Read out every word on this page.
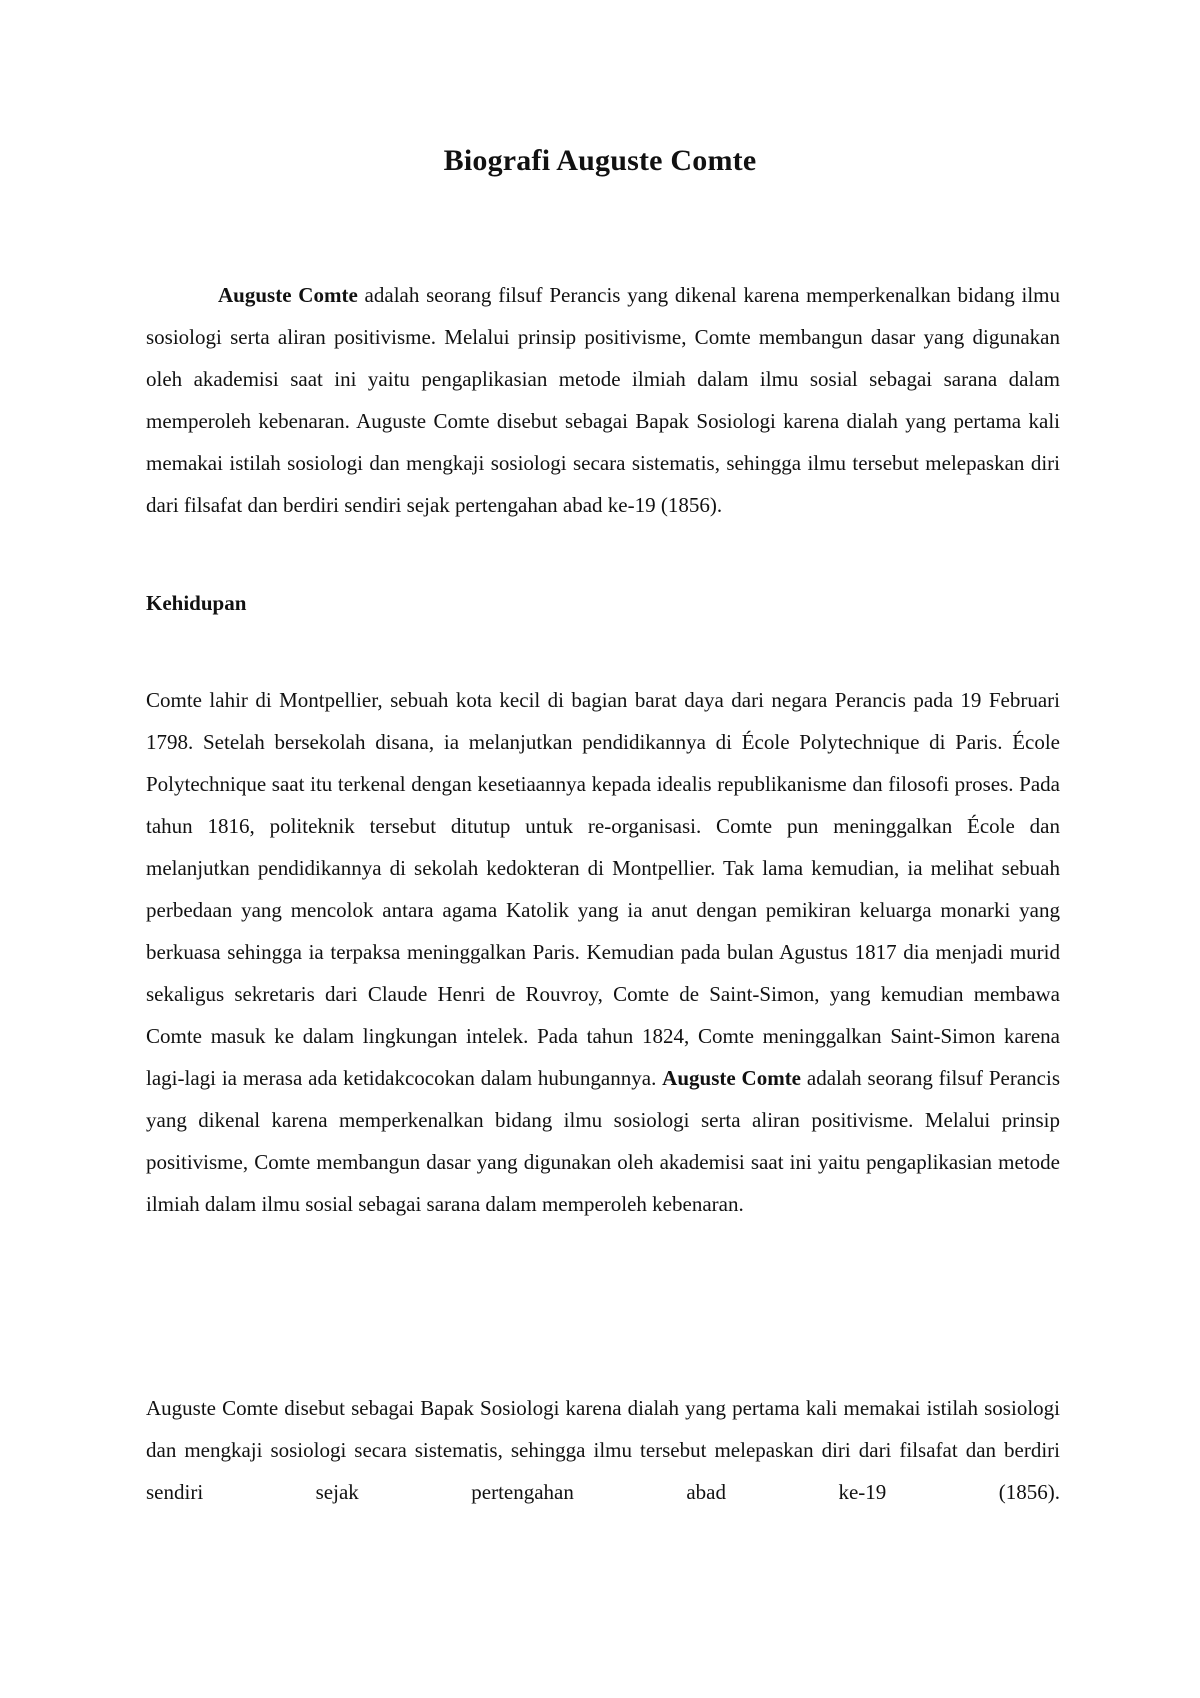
Biografi Auguste Comte

Auguste Comte adalah seorang filsuf Perancis yang dikenal karena memperkenalkan bidang ilmu sosiologi serta aliran positivisme. Melalui prinsip positivisme, Comte membangun dasar yang digunakan oleh akademisi saat ini yaitu pengaplikasian metode ilmiah dalam ilmu sosial sebagai sarana dalam memperoleh kebenaran. Auguste Comte disebut sebagai Bapak Sosiologi karena dialah yang pertama kali memakai istilah sosiologi dan mengkaji sosiologi secara sistematis, sehingga ilmu tersebut melepaskan diri dari filsafat dan berdiri sendiri sejak pertengahan abad ke-19 (1856).

Kehidupan

Comte lahir di Montpellier, sebuah kota kecil di bagian barat daya dari negara Perancis pada 19 Februari 1798. Setelah bersekolah disana, ia melanjutkan pendidikannya di École Polytechnique di Paris. École Polytechnique saat itu terkenal dengan kesetiaannya kepada idealis republikanisme dan filosofi proses. Pada tahun 1816, politeknik tersebut ditutup untuk re-organisasi. Comte pun meninggalkan École dan melanjutkan pendidikannya di sekolah kedokteran di Montpellier. Tak lama kemudian, ia melihat sebuah perbedaan yang mencolok antara agama Katolik yang ia anut dengan pemikiran keluarga monarki yang berkuasa sehingga ia terpaksa meninggalkan Paris. Kemudian pada bulan Agustus 1817 dia menjadi murid sekaligus sekretaris dari Claude Henri de Rouvroy, Comte de Saint-Simon, yang kemudian membawa Comte masuk ke dalam lingkungan intelek. Pada tahun 1824, Comte meninggalkan Saint-Simon karena lagi-lagi ia merasa ada ketidakcocokan dalam hubungannya. Auguste Comte adalah seorang filsuf Perancis yang dikenal karena memperkenalkan bidang ilmu sosiologi serta aliran positivisme. Melalui prinsip positivisme, Comte membangun dasar yang digunakan oleh akademisi saat ini yaitu pengaplikasian metode ilmiah dalam ilmu sosial sebagai sarana dalam memperoleh kebenaran.

Auguste Comte disebut sebagai Bapak Sosiologi karena dialah yang pertama kali memakai istilah sosiologi dan mengkaji sosiologi secara sistematis, sehingga ilmu tersebut melepaskan diri dari filsafat dan berdiri sendiri sejak pertengahan abad ke-19 (1856).
